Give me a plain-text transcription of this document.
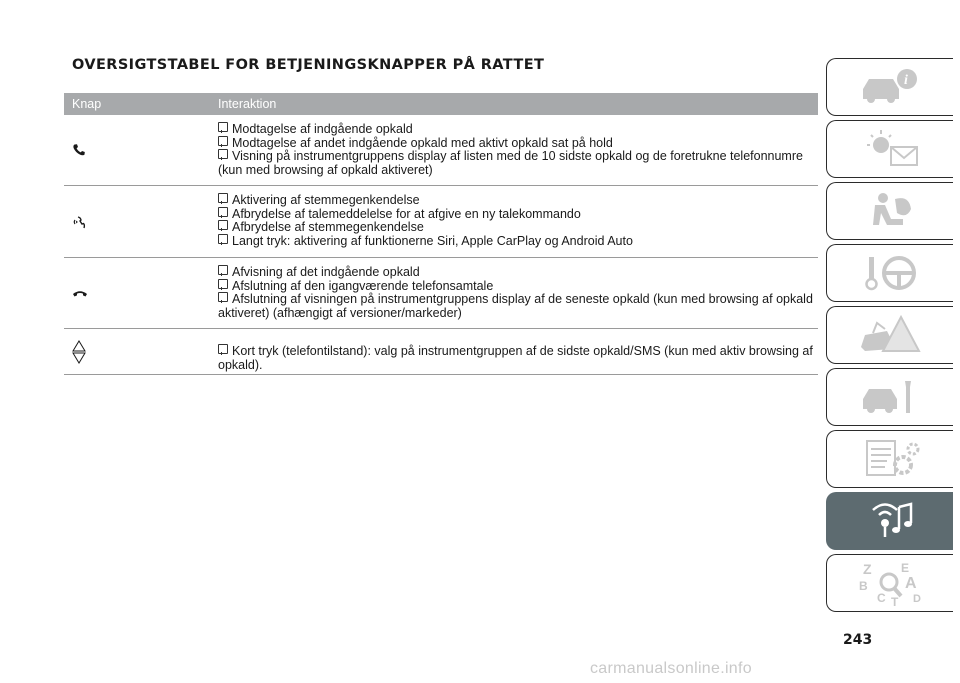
OVERSIGTSTABEL FOR BETJENINGSKNAPPER PÅ RATTET
Knap	Interaktion
Modtagelse af indgående opkald
Modtagelse af andet indgående opkald med aktivt opkald sat på hold
Visning på instrumentgruppens display af listen med de 10 sidste opkald og de foretrukne telefonnumre (kun med browsing af opkald aktiveret)
Aktivering af stemmegenkendelse
Afbrydelse af talemeddelelse for at afgive en ny talekommando
Afbrydelse af stemmegenkendelse
Langt tryk: aktivering af funktionerne Siri, Apple CarPlay og Android Auto
Afvisning af det indgående opkald
Afslutning af den igangværende telefonsamtale
Afslutning af visningen på instrumentgruppens display af de seneste opkald (kun med browsing af opkald aktiveret) (afhængigt af versioner/markeder)
Kort tryk (telefontilstand): valg på instrumentgruppen af de sidste opkald/SMS (kun med aktiv browsing af opkald).
i
Z E
A
B
C T D

243

carmanualsonline.info
